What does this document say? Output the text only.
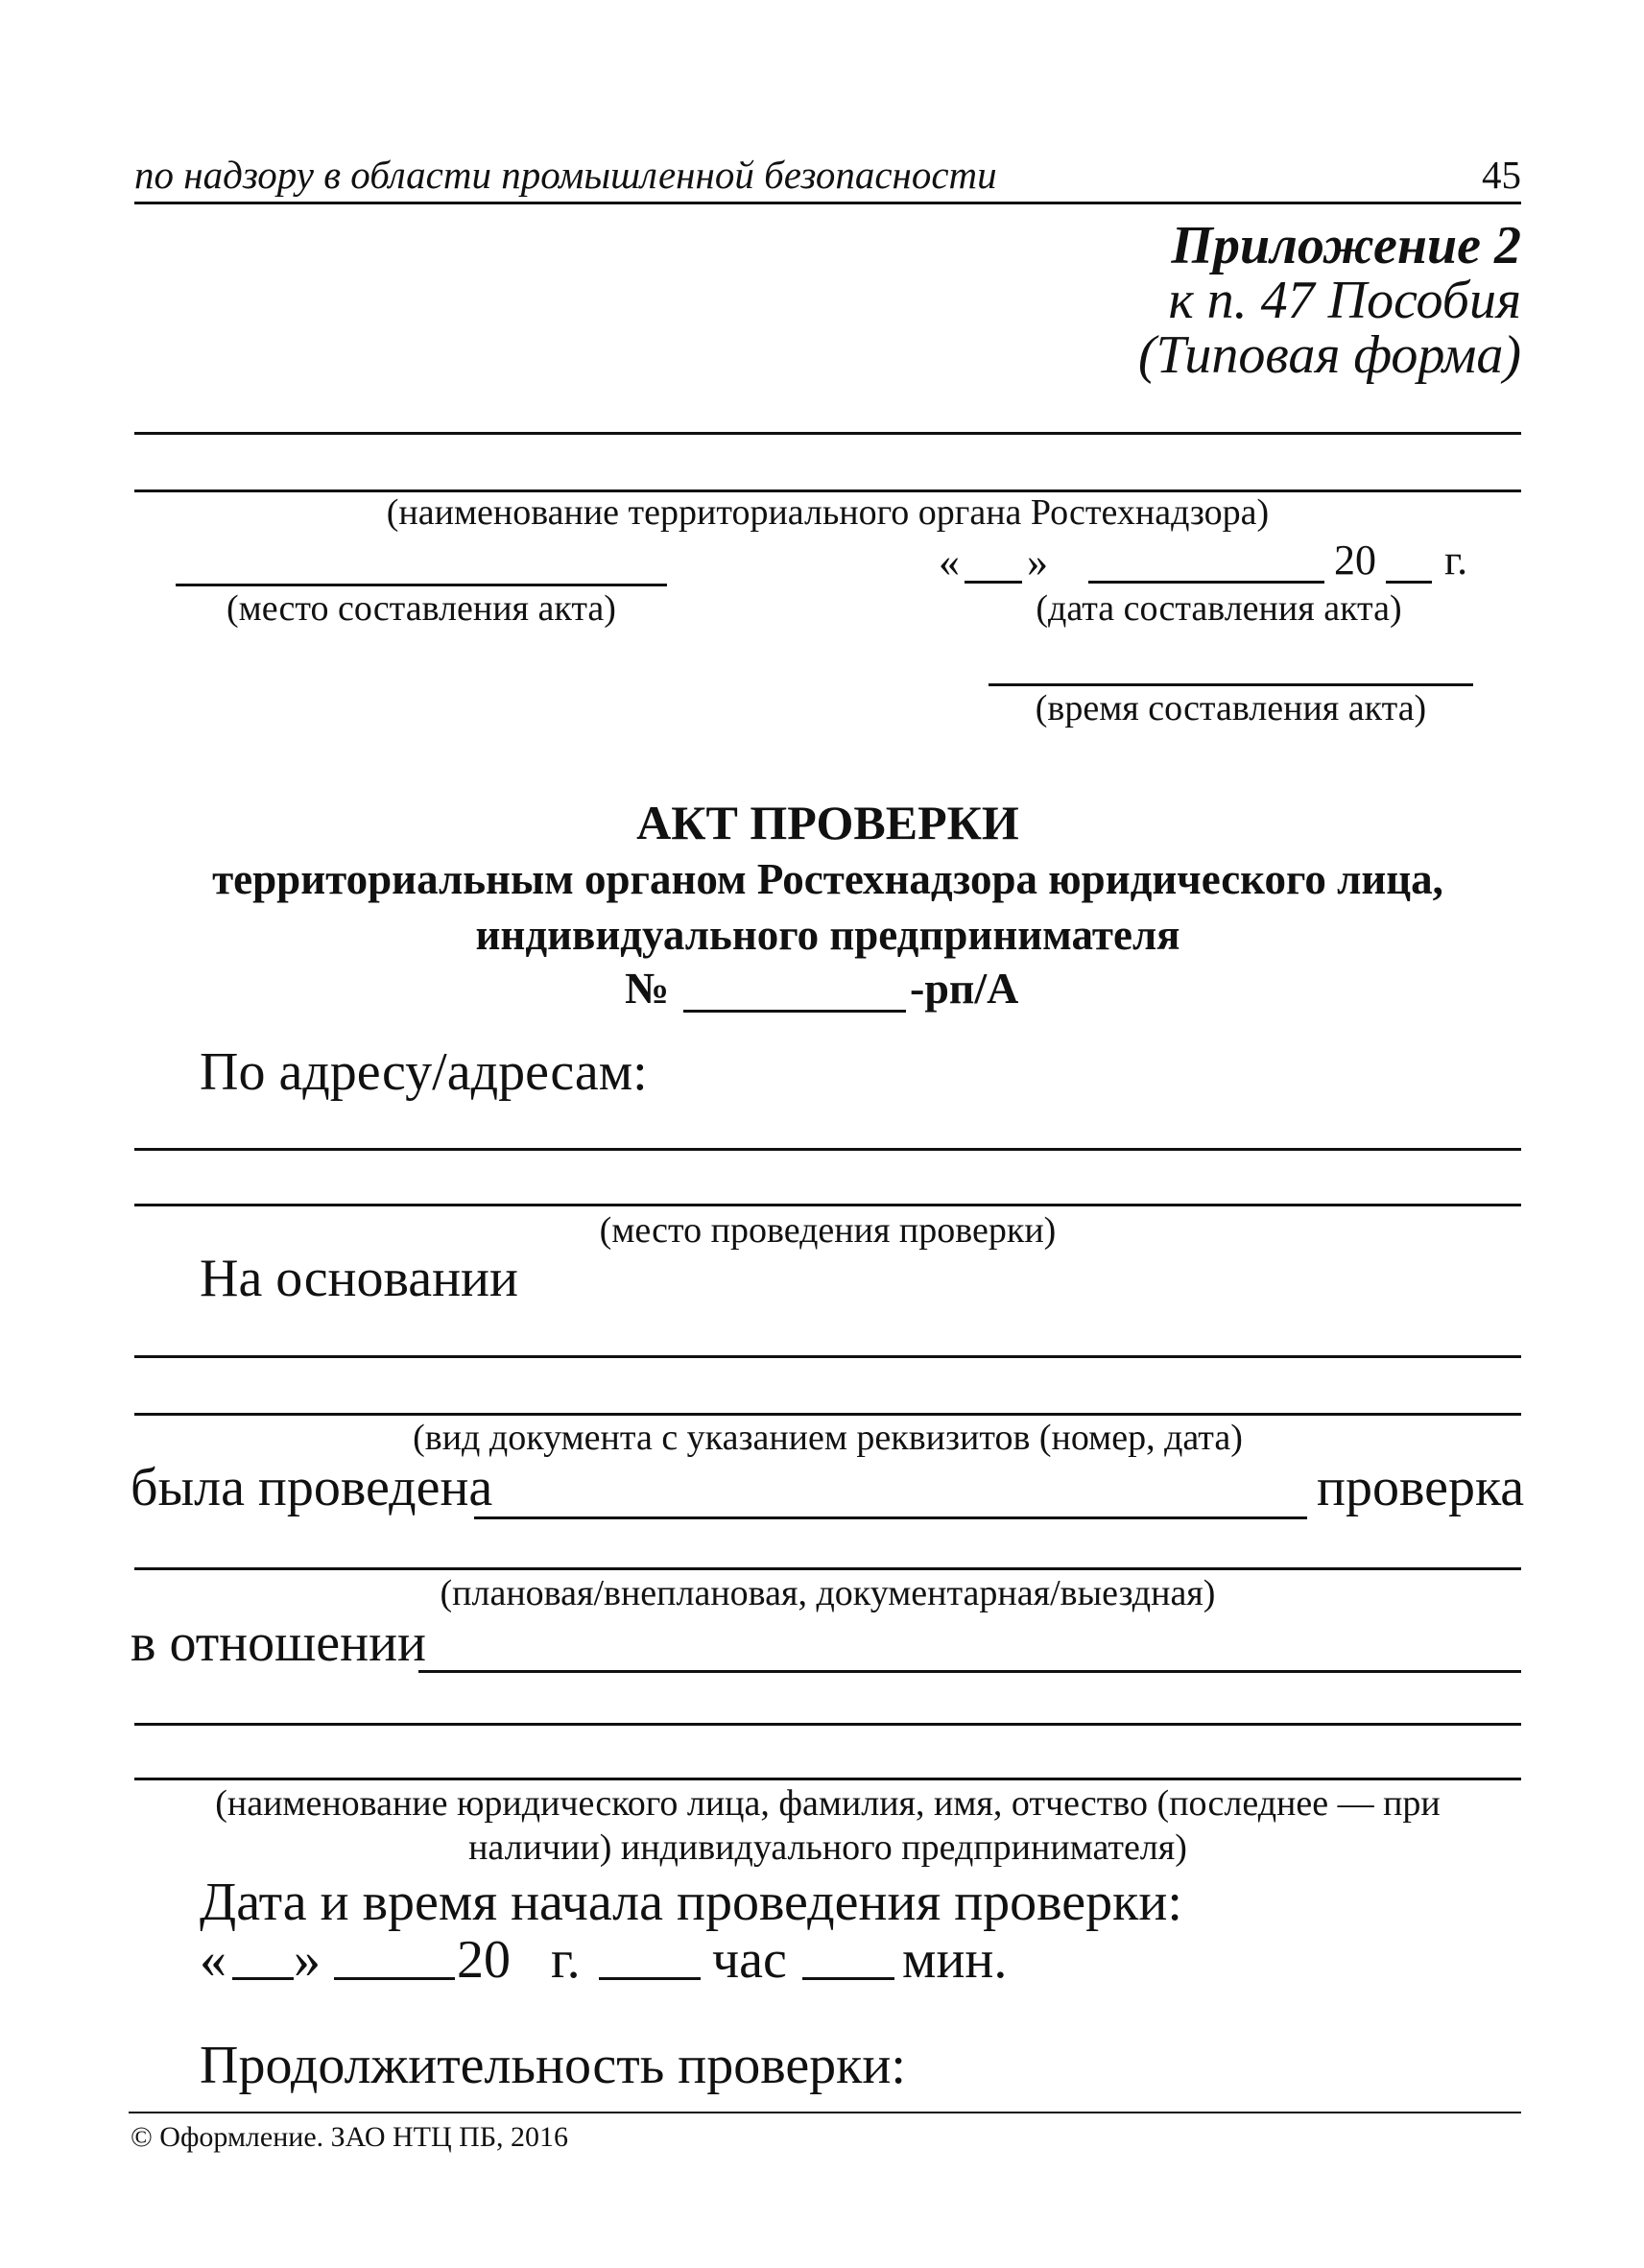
по надзору в области промышленной безопасности	45
Приложение 2
к п. 47 Пособия
(Типовая форма)
(наименование территориального органа Ростехнадзора)
(место составления акта)
« »	20 г.
(дата составления акта)
(время составления акта)
АКТ ПРОВЕРКИ
территориальным органом Ростехнадзора юридического лица,
индивидуального предпринимателя
№	-рп/А
По адресу/адресам:
(место проведения проверки)
На основании
(вид документа с указанием реквизитов (номер, дата)
была проведена	проверка
(плановая/внеплановая, документарная/выездная)
в отношении
(наименование юридического лица, фамилия, имя, отчество (последнее — при
наличии) индивидуального предпринимателя)
Дата и время начала проведения проверки:
« »	20 г. час мин.
Продолжительность проверки:
© Оформление. ЗАО НТЦ ПБ, 2016
